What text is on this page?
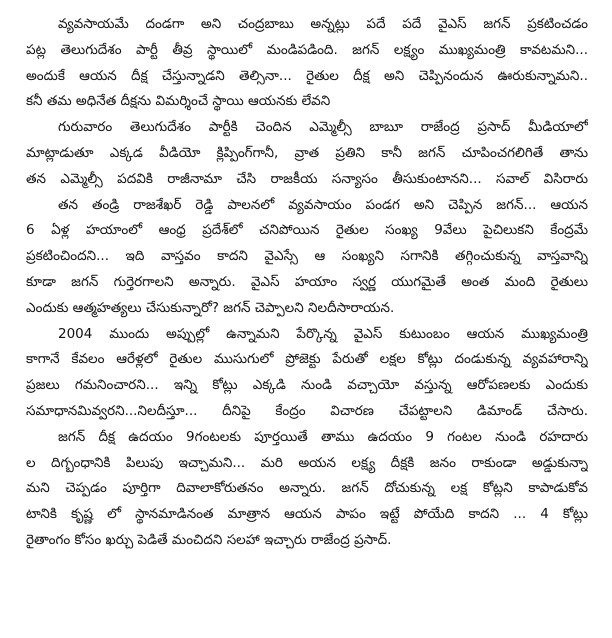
వ్యవసాయమే దండగా అని చంద్రబాబు అన్నట్లు పదే పదే వైఎస్ జగన్ ప్రకటించడం
పట్ల తెలుగుదేశం పార్టీ తీవ్ర స్థాయిలో మండిపడింది. జగన్ లక్ష్యం ముఖ్యమంత్రి కావటమని...
అందుకే ఆయన దీక్ష చేస్తున్నాడని తెల్సినా... రైతుల దీక్ష అని చెప్పినందున ఊరుకున్నామని..
కనీ తమ అధినేత దీక్షను విమర్శించే స్థాయి ఆయనకు లేవని
గురువారం తెలుగుదేశం పార్టీకి చెందిన ఎమ్మెల్సీ బాబూ రాజేంద్ర ప్రసాద్ మీడియాలో
మాట్లాడుతూ ఎక్కడ వీడియో క్లిప్పింగ్‌గానీ, వ్రాత ప్రతిని కానీ జగన్ చూపించగలిగితే తాను
తన ఎమ్మెల్సీ పదవికి రాజీనామా చేసి రాజకీయ సన్యాసం తీసుకుంటానని... సవాల్ విసిరారు
తన తండ్రి రాజశేఖర్ రెడ్డి పాలనలో వ్యవసాయం పండగ అని చెప్పిన జగన్... ఆయన
6 ఏళ్ల హయాంలో ఆంధ్ర ప్రదేశ్‌లో చనిపోయిన రైతుల సంఖ్య 9వేలు పైచిలుకని కేంద్రమే
ప్రకటించిందని... ఇది వాస్తవం కాదని వైఎస్సే ఆ సంఖ్యని సగానికి తగ్గించుకున్న వాస్తవాన్ని
కూడా జగన్ గుర్తెరగాలని అన్నారు. వైఎస్ హయాం స్వర్ణ యుగమైతే అంత మంది రైతులు
ఎందుకు ఆత్మహత్యలు చేసుకున్నారో? జగన్ చెప్పాలని నిలదీసారాయన.
2004 ముందు అప్పుల్లో ఉన్నామని పేర్కొన్న వైఎస్ కుటుంబం ఆయన ముఖ్యమంత్రి
కాగానే కేవలం ఆరేళ్లలో రైతుల ముసుగులో ప్రోజెక్టు పేరుతో లక్షల కోట్లు దండుకున్న వ్యవహారాన్ని
ప్రజలు గమనించారని... ఇన్ని కోట్లు ఎక్కడి నుండి వచ్చాయో వస్తున్న ఆరోపణలకు ఎందుకు
సమాధానమివ్వరని...నిలదీస్తూ... దీనిపై కేంద్రం విచారణ చేపట్టాలని డిమాండ్ చేసారు.
జగన్ దీక్ష ఉదయం 9గంటలకు పూర్తయితే తాము ఉదయం 9 గంటల నుండి రహదారు
ల దిగ్బంధానికి పిలుపు ఇచ్చామని... మరి అయన లక్ష్య దీక్షకి జనం రాకుండా అడ్డుకున్నా
మని చెప్పడం పూర్తిగా దివాలాకోరుతనం అన్నారు. జగన్ దోచుకున్న లక్ష కోట్లని కాపాడుకోవ
టానికి కృష్ణ లో స్థానమాడినంత మాత్రాన ఆయన పాపం ఇట్టే పోయేది కాదని ... 4 కోట్లు
రైతాంగం కోసం ఖర్చు పెడితే మంచిదని సలహా ఇచ్చారు రాజేంద్ర ప్రసాద్.
